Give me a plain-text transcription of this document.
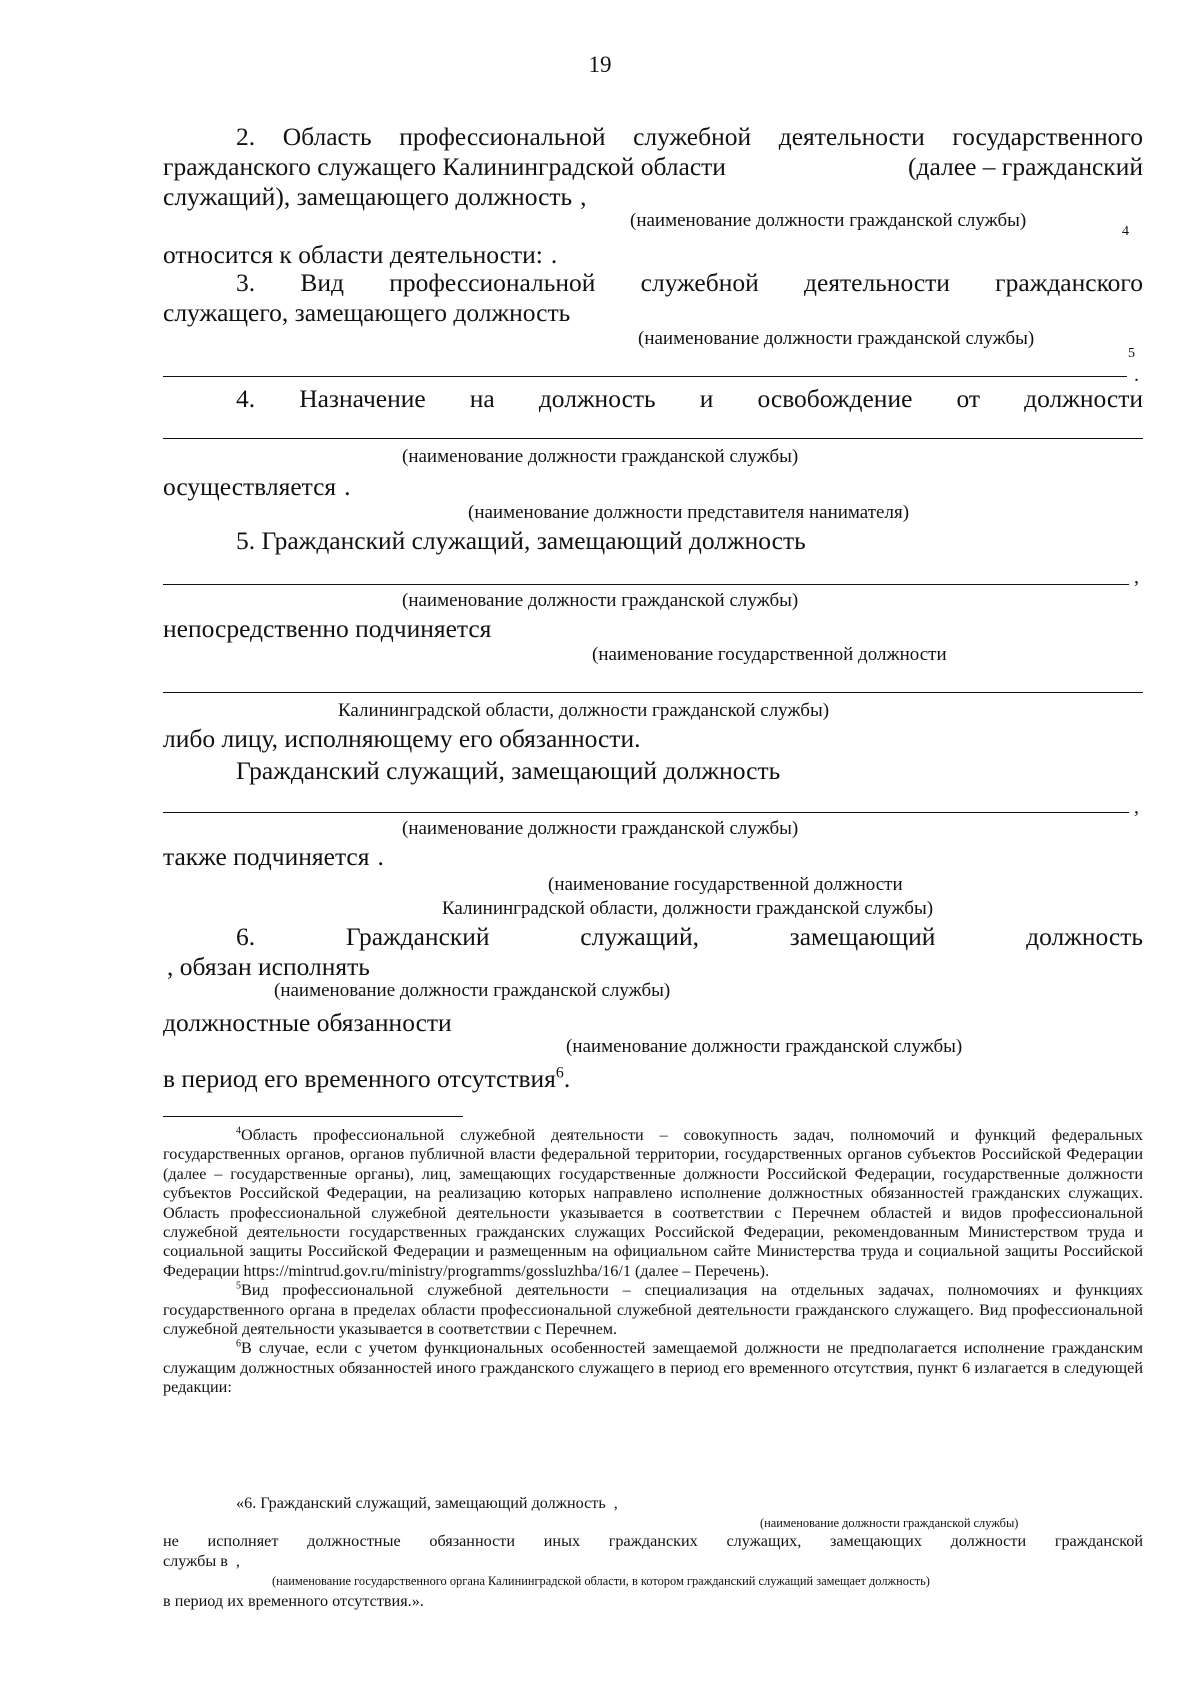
19
2. Область профессиональной служебной деятельности государственного
гражданского служащего Калининградской области	(далее – гражданский
служащий), замещающего должность ,
(наименование должности гражданской службы)
4
относится к области деятельности: .
3. Вид профессиональной служебной деятельности гражданского
служащего, замещающего должность
(наименование должности гражданской службы)
5
.
4. Назначение на должность и освобождение от должности
(наименование должности гражданской службы)
осуществляется .
(наименование должности представителя нанимателя)
5. Гражданский служащий, замещающий должность
,
(наименование должности гражданской службы)
непосредственно подчиняется
(наименование государственной должности
Калининградской области, должности гражданской службы)
либо лицу, исполняющему его обязанности.
Гражданский служащий, замещающий должность
,
(наименование должности гражданской службы)
также подчиняется .
(наименование государственной должности
Калининградской области, должности гражданской службы)
6. Гражданский служащий, замещающий должность
, обязан исполнять
(наименование должности гражданской службы)
должностные обязанности
(наименование должности гражданской службы)
в период его временного отсутствия$^6$.

$^4$Область профессиональной служебной деятельности – совокупность задач, полномочий и функций федеральных государственных органов, органов публичной власти федеральной территории, государственных органов субъектов Российской Федерации (далее – государственные органы), лиц, замещающих государственные должности Российской Федерации, государственные должности субъектов Российской Федерации, на реализацию которых направлено исполнение должностных обязанностей гражданских служащих. Область профессиональной служебной деятельности указывается в соответствии с Перечнем областей и видов профессиональной служебной деятельности государственных гражданских служащих Российской Федерации, рекомендованным Министерством труда и социальной защиты Российской Федерации и размещенным на официальном сайте Министерства труда и социальной защиты Российской Федерации https://mintrud.gov.ru/ministry/programms/gossluzhba/16/1 (далее – Перечень).

$^5$Вид профессиональной служебной деятельности – специализация на отдельных задачах, полномочиях и функциях государственного органа в пределах области профессиональной служебной деятельности гражданского служащего. Вид профессиональной служебной деятельности указывается в соответствии с Перечнем.

$^6$В случае, если с учетом функциональных особенностей замещаемой должности не предполагается исполнение гражданским служащим должностных обязанностей иного гражданского служащего в период его временного отсутствия, пункт 6 излагается в следующей редакции:

«6. Гражданский служащий, замещающий должность ,
(наименование должности гражданской службы)
не исполняет должностные обязанности иных гражданских служащих, замещающих должности гражданской
службы в ,
(наименование государственного органа Калининградской области, в котором гражданский служащий замещает должность)
в период их временного отсутствия.».
